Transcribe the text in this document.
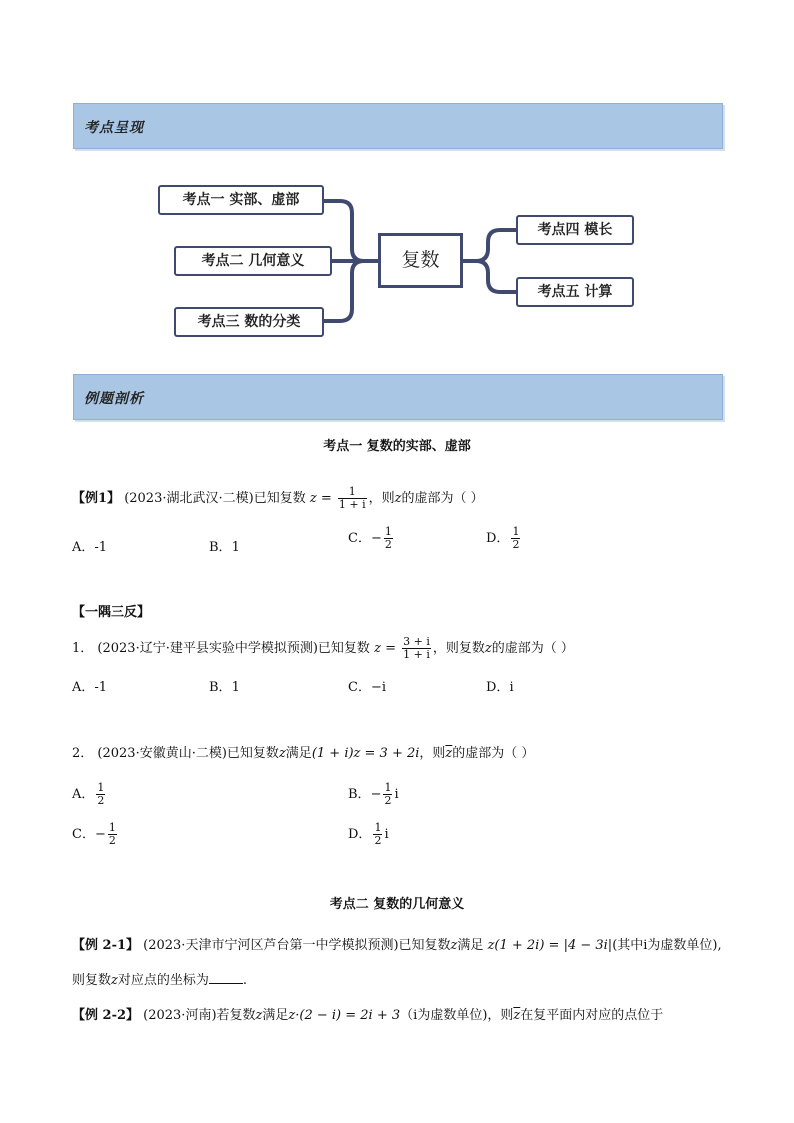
考点呈现
考点一 实部、虚部
考点二 几何意义
考点三 数的分类
复数
考点四 模长
考点五 计算
例题剖析
考点一 复数的实部、虚部
【例1】 (2023·湖北武汉·二模)已知复数 $z = \frac{1}{1 + i}$ ，则z的虚部为（ ）
A．-1	B．1
C．− $\frac{1}{2}$	D． $\frac{1}{2}$
【一隅三反】
1． (2023·辽宁·建平县实验中学模拟预测)已知复数 $z = \frac{3 + i}{1 + i}$ ，则复数z的虚部为（ ）
A．-1	B．1	C．−i	D．i
2． (2023·安徽黄山·二模)已知复数z满足(1 + i)z = 3 + 2i，则$\overline{z}$的虚部为（ ）
A． $\frac{1}{2}$	B．− $\frac{1}{2}$ i
C．− $\frac{1}{2}$	D． $\frac{1}{2}$ i
考点二 复数的几何意义
【例 2-1】 (2023·天津市宁河区芦台第一中学模拟预测)已知复数z满足 z(1 + 2i) = |4 − 3i|(其中i为虚数单位),
则复数z对应点的坐标为	.
【例 2-2】 (2023·河南)若复数z满足z·(2 − i) = 2i + 3（i为虚数单位)，则$\overline{z}$在复平面内对应的点位于
